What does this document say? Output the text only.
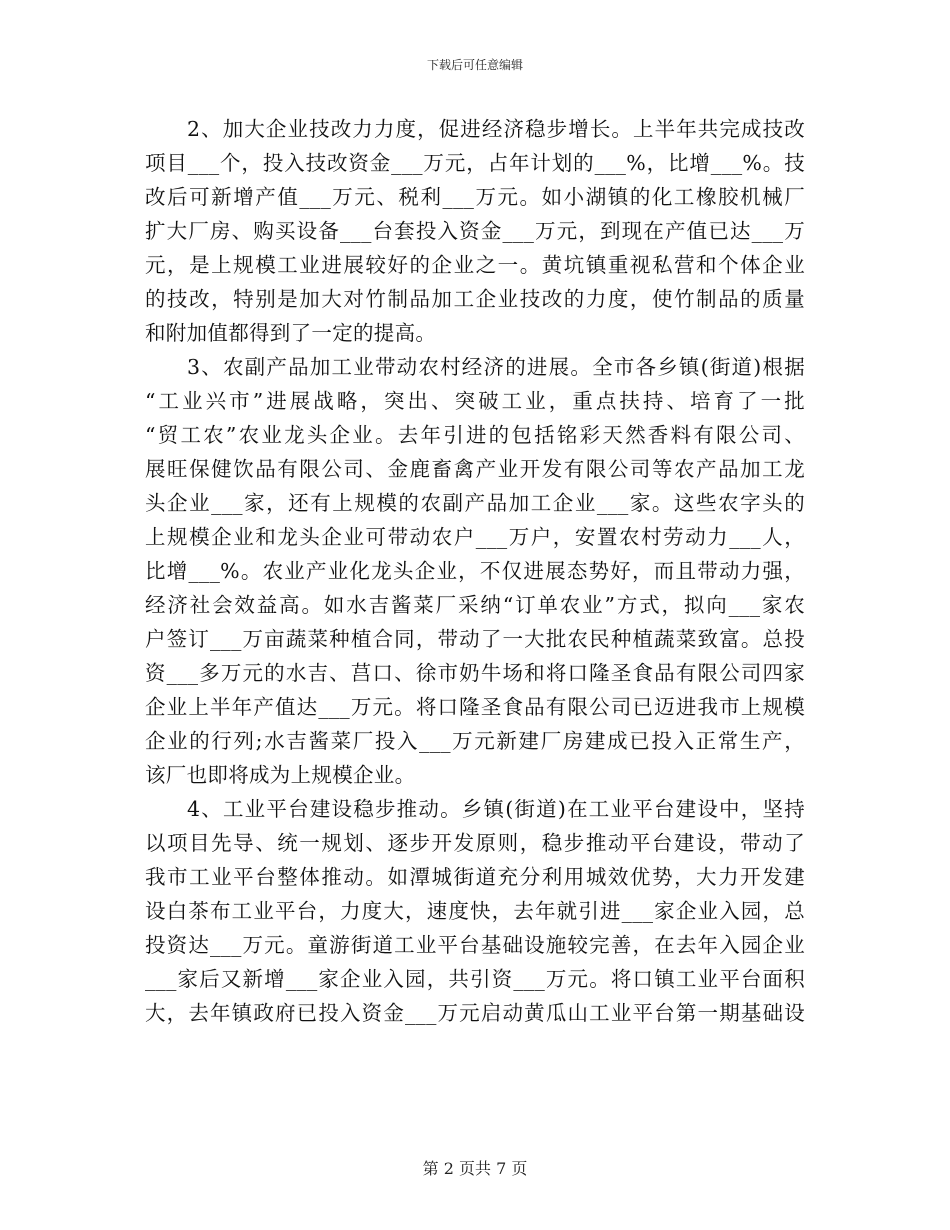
下载后可任意编辑
2、加大企业技改力力度，促进经济稳步增长。上半年共完成技改
项目___个，投入技改资金___万元，占年计划的___%，比增___%。技
改后可新增产值___万元、税利___万元。如小湖镇的化工橡胶机械厂
扩大厂房、购买设备___台套投入资金___万元，到现在产值已达___万
元，是上规模工业进展较好的企业之一。黄坑镇重视私营和个体企业
的技改，特别是加大对竹制品加工企业技改的力度，使竹制品的质量
和附加值都得到了一定的提高。
3、农副产品加工业带动农村经济的进展。全市各乡镇(街道)根据
“工业兴市”进展战略，突出、突破工业，重点扶持、培育了一批
“贸工农”农业龙头企业。去年引进的包括铭彩天然香料有限公司、
展旺保健饮品有限公司、金鹿畜禽产业开发有限公司等农产品加工龙
头企业___家，还有上规模的农副产品加工企业___家。这些农字头的
上规模企业和龙头企业可带动农户___万户，安置农村劳动力___人，
比增___%。农业产业化龙头企业，不仅进展态势好，而且带动力强，
经济社会效益高。如水吉酱菜厂采纳“订单农业”方式，拟向___家农
户签订___万亩蔬菜种植合同，带动了一大批农民种植蔬菜致富。总投
资___多万元的水吉、莒口、徐市奶牛场和将口隆圣食品有限公司四家
企业上半年产值达___万元。将口隆圣食品有限公司已迈进我市上规模
企业的行列;水吉酱菜厂投入___万元新建厂房建成已投入正常生产，
该厂也即将成为上规模企业。
4、工业平台建设稳步推动。乡镇(街道)在工业平台建设中，坚持
以项目先导、统一规划、逐步开发原则，稳步推动平台建设，带动了
我市工业平台整体推动。如潭城街道充分利用城效优势，大力开发建
设白茶布工业平台，力度大，速度快，去年就引进___家企业入园，总
投资达___万元。童游街道工业平台基础设施较完善，在去年入园企业
___家后又新增___家企业入园，共引资___万元。将口镇工业平台面积
大，去年镇政府已投入资金___万元启动黄瓜山工业平台第一期基础设
第 2 页共 7 页
